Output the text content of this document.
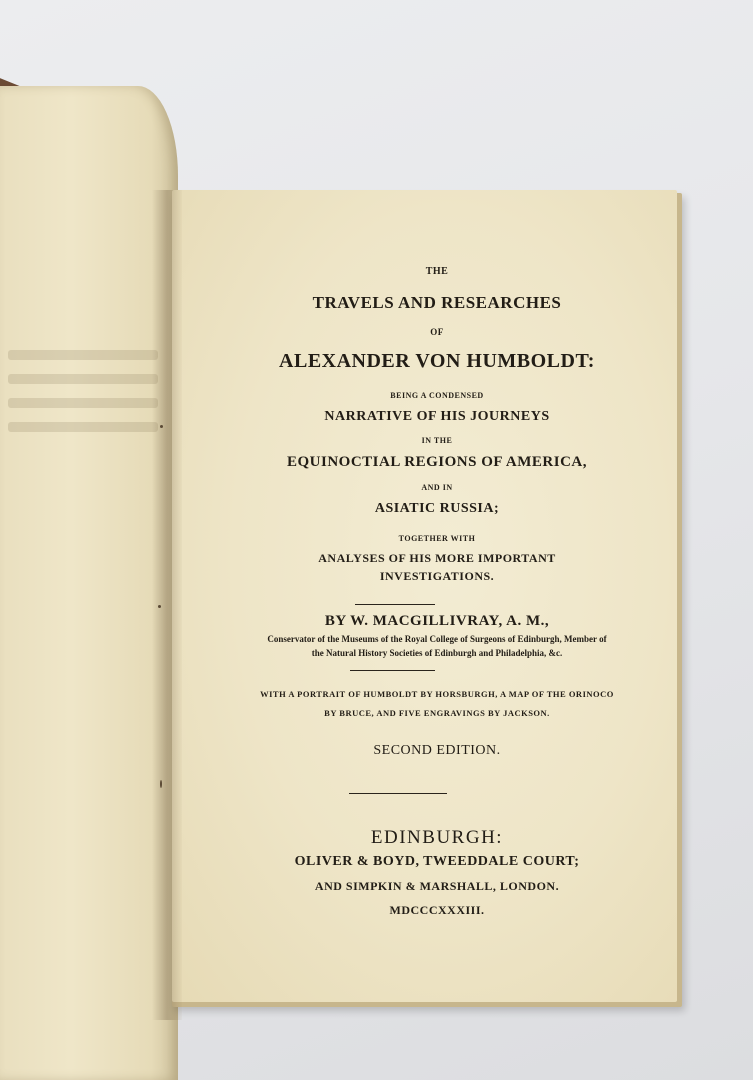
THE
TRAVELS AND RESEARCHES
OF
ALEXANDER VON HUMBOLDT:
BEING A CONDENSED
NARRATIVE OF HIS JOURNEYS
IN THE
EQUINOCTIAL REGIONS OF AMERICA,
AND IN
ASIATIC RUSSIA;
TOGETHER WITH
ANALYSES OF HIS MORE IMPORTANT
INVESTIGATIONS.
BY W. MACGILLIVRAY, A. M.,
Conservator of the Museums of the Royal College of Surgeons of Edinburgh, Member of
the Natural History Societies of Edinburgh and Philadelphia, &c.
WITH A PORTRAIT OF HUMBOLDT BY HORSBURGH, A MAP OF THE ORINOCO
BY BRUCE, AND FIVE ENGRAVINGS BY JACKSON.
SECOND EDITION.
EDINBURGH:
OLIVER & BOYD, TWEEDDALE COURT;
AND SIMPKIN & MARSHALL, LONDON.
MDCCCXXXIII.
